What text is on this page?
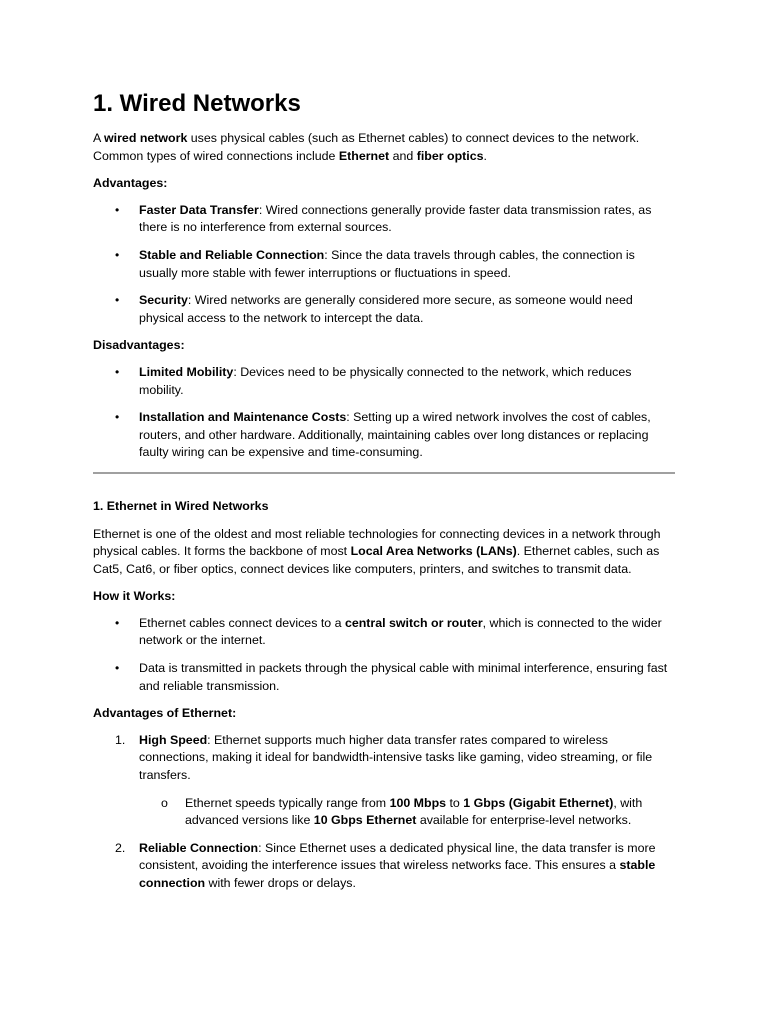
1. Wired Networks

A wired network uses physical cables (such as Ethernet cables) to connect devices to the network. Common types of wired connections include Ethernet and fiber optics.

Advantages:
• Faster Data Transfer: Wired connections generally provide faster data transmission rates, as there is no interference from external sources.
• Stable and Reliable Connection: Since the data travels through cables, the connection is usually more stable with fewer interruptions or fluctuations in speed.
• Security: Wired networks are generally considered more secure, as someone would need physical access to the network to intercept the data.
Disadvantages:
• Limited Mobility: Devices need to be physically connected to the network, which reduces mobility.
• Installation and Maintenance Costs: Setting up a wired network involves the cost of cables, routers, and other hardware. Additionally, maintaining cables over long distances or replacing faulty wiring can be expensive and time-consuming.
1. Ethernet in Wired Networks

Ethernet is one of the oldest and most reliable technologies for connecting devices in a network through physical cables. It forms the backbone of most Local Area Networks (LANs). Ethernet cables, such as Cat5, Cat6, or fiber optics, connect devices like computers, printers, and switches to transmit data.

How it Works:
• Ethernet cables connect devices to a central switch or router, which is connected to the wider network or the internet.
• Data is transmitted in packets through the physical cable with minimal interference, ensuring fast and reliable transmission.
Advantages of Ethernet:
1. High Speed: Ethernet supports much higher data transfer rates compared to wireless connections, making it ideal for bandwidth-intensive tasks like gaming, video streaming, or file transfers.
o Ethernet speeds typically range from 100 Mbps to 1 Gbps (Gigabit Ethernet), with advanced versions like 10 Gbps Ethernet available for enterprise-level networks.
2. Reliable Connection: Since Ethernet uses a dedicated physical line, the data transfer is more consistent, avoiding the interference issues that wireless networks face. This ensures a stable connection with fewer drops or delays.
